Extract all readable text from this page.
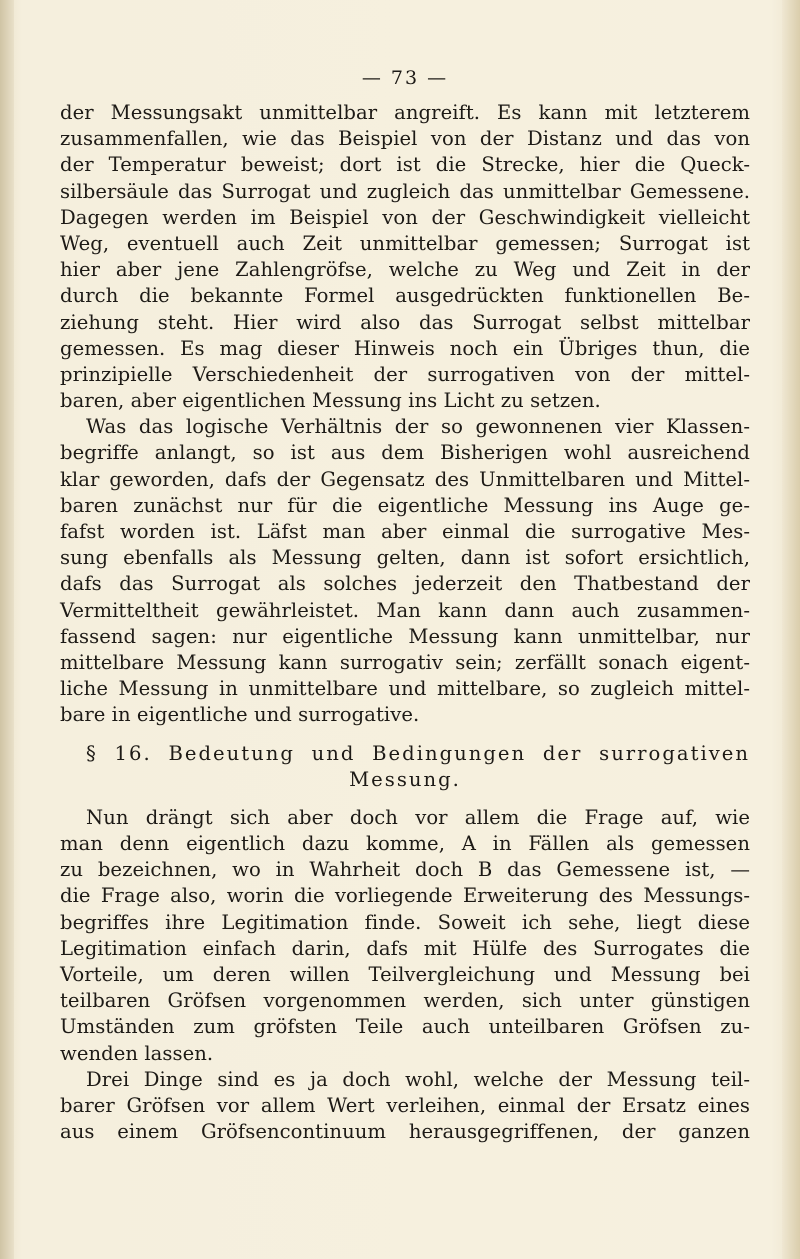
— 73 —
der Messungsakt unmittelbar angreift. Es kann mit letzterem
zusammenfallen, wie das Beispiel von der Distanz und das von
der Temperatur beweist; dort ist die Strecke, hier die Queck-
silbersäule das Surrogat und zugleich das unmittelbar Gemessene.
Dagegen werden im Beispiel von der Geschwindigkeit vielleicht
Weg, eventuell auch Zeit unmittelbar gemessen; Surrogat ist
hier aber jene Zahlengröfse, welche zu Weg und Zeit in der
durch die bekannte Formel ausgedrückten funktionellen Be-
ziehung steht. Hier wird also das Surrogat selbst mittelbar
gemessen. Es mag dieser Hinweis noch ein Übriges thun, die
prinzipielle Verschiedenheit der surrogativen von der mittel-
baren, aber eigentlichen Messung ins Licht zu setzen.
Was das logische Verhältnis der so gewonnenen vier Klassen-
begriffe anlangt, so ist aus dem Bisherigen wohl ausreichend
klar geworden, dafs der Gegensatz des Unmittelbaren und Mittel-
baren zunächst nur für die eigentliche Messung ins Auge ge-
fafst worden ist. Läfst man aber einmal die surrogative Mes-
sung ebenfalls als Messung gelten, dann ist sofort ersichtlich,
dafs das Surrogat als solches jederzeit den Thatbestand der
Vermitteltheit gewährleistet. Man kann dann auch zusammen-
fassend sagen: nur eigentliche Messung kann unmittelbar, nur
mittelbare Messung kann surrogativ sein; zerfällt sonach eigent-
liche Messung in unmittelbare und mittelbare, so zugleich mittel-
bare in eigentliche und surrogative.
§ 16. Bedeutung und Bedingungen der surrogativen
Messung.
Nun drängt sich aber doch vor allem die Frage auf, wie
man denn eigentlich dazu komme, A in Fällen als gemessen
zu bezeichnen, wo in Wahrheit doch B das Gemessene ist, —
die Frage also, worin die vorliegende Erweiterung des Messungs-
begriffes ihre Legitimation finde. Soweit ich sehe, liegt diese
Legitimation einfach darin, dafs mit Hülfe des Surrogates die
Vorteile, um deren willen Teilvergleichung und Messung bei
teilbaren Gröfsen vorgenommen werden, sich unter günstigen
Umständen zum gröfsten Teile auch unteilbaren Gröfsen zu-
wenden lassen.
Drei Dinge sind es ja doch wohl, welche der Messung teil-
barer Gröfsen vor allem Wert verleihen, einmal der Ersatz eines
aus einem Gröfsencontinuum herausgegriffenen, der ganzen
